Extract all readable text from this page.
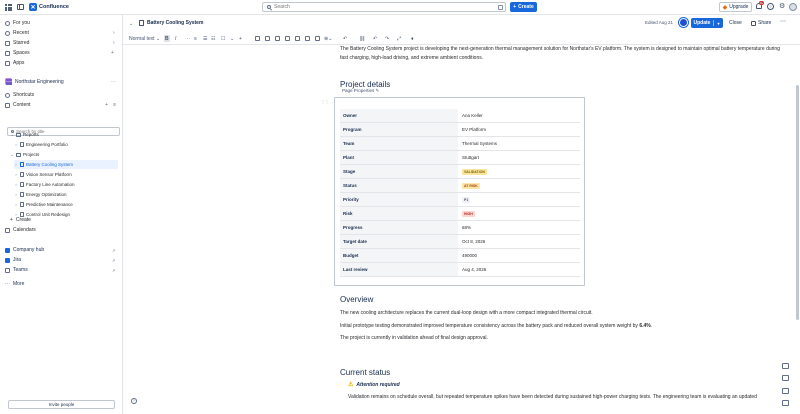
✕ Confluence
Search	+ Create	◆ Upgrade
9+
?	⚙
For you
Recent	›
Starred	›
Spaces	+
Apps
Northstar Engineering	⋯
Shortcuts
Content	+ ≡
Search by title
⌄ Reports
› Engineering Portfolio
⌄ Projects
› Battery Cooling System
› Vision Sensor Platform
› Factory Line Automation
› Energy Optimization
› Predictive Maintenance
› Control Unit Redesign
+ Create
Calendars
Company hub	↗
Jira	↗
Teams	↗
⋯ More
Invite people
?
⌄	Battery Cooling System	Edited Aug 21	Update	▾	Close	Share ⋯
Normal text ⌄ B I ⋯ ≡ ☰ ☷ ☐ ⌄ +	⊕⌄ ↶ ⛓ ↶ ↷ ⤢ ♦

The Battery Cooling System project is developing the next-generation thermal management solution for Northstar's EV platform. The system is designed to maintain optimal battery temperature during fast charging, high-load driving, and extreme ambient conditions.

Project details
Page Properties ✎
⋮⋮
Owner	Ana Keller
Program	EV Platform
Team	Thermal Systems
Plant	Stuttgart
Stage	VALIDATION
Status	AT RISK
Priority	P1
Risk	HIGH
Progress	68%
Target date	Oct 8, 2026
Budget	490000
Last review	Aug 4, 2026
Overview

The new cooling architecture replaces the current dual-loop design with a more compact integrated thermal circuit.

Initial prototype testing demonstrated improved temperature consistency across the battery pack and reduced overall system weight by 6.4%.

The project is currently in validation ahead of final design approval.

Current status
⚠ Attention required

Validation remains on schedule overall, but repeated temperature spikes have been detected during sustained high-power charging tests. The engineering team is evaluating an updated
